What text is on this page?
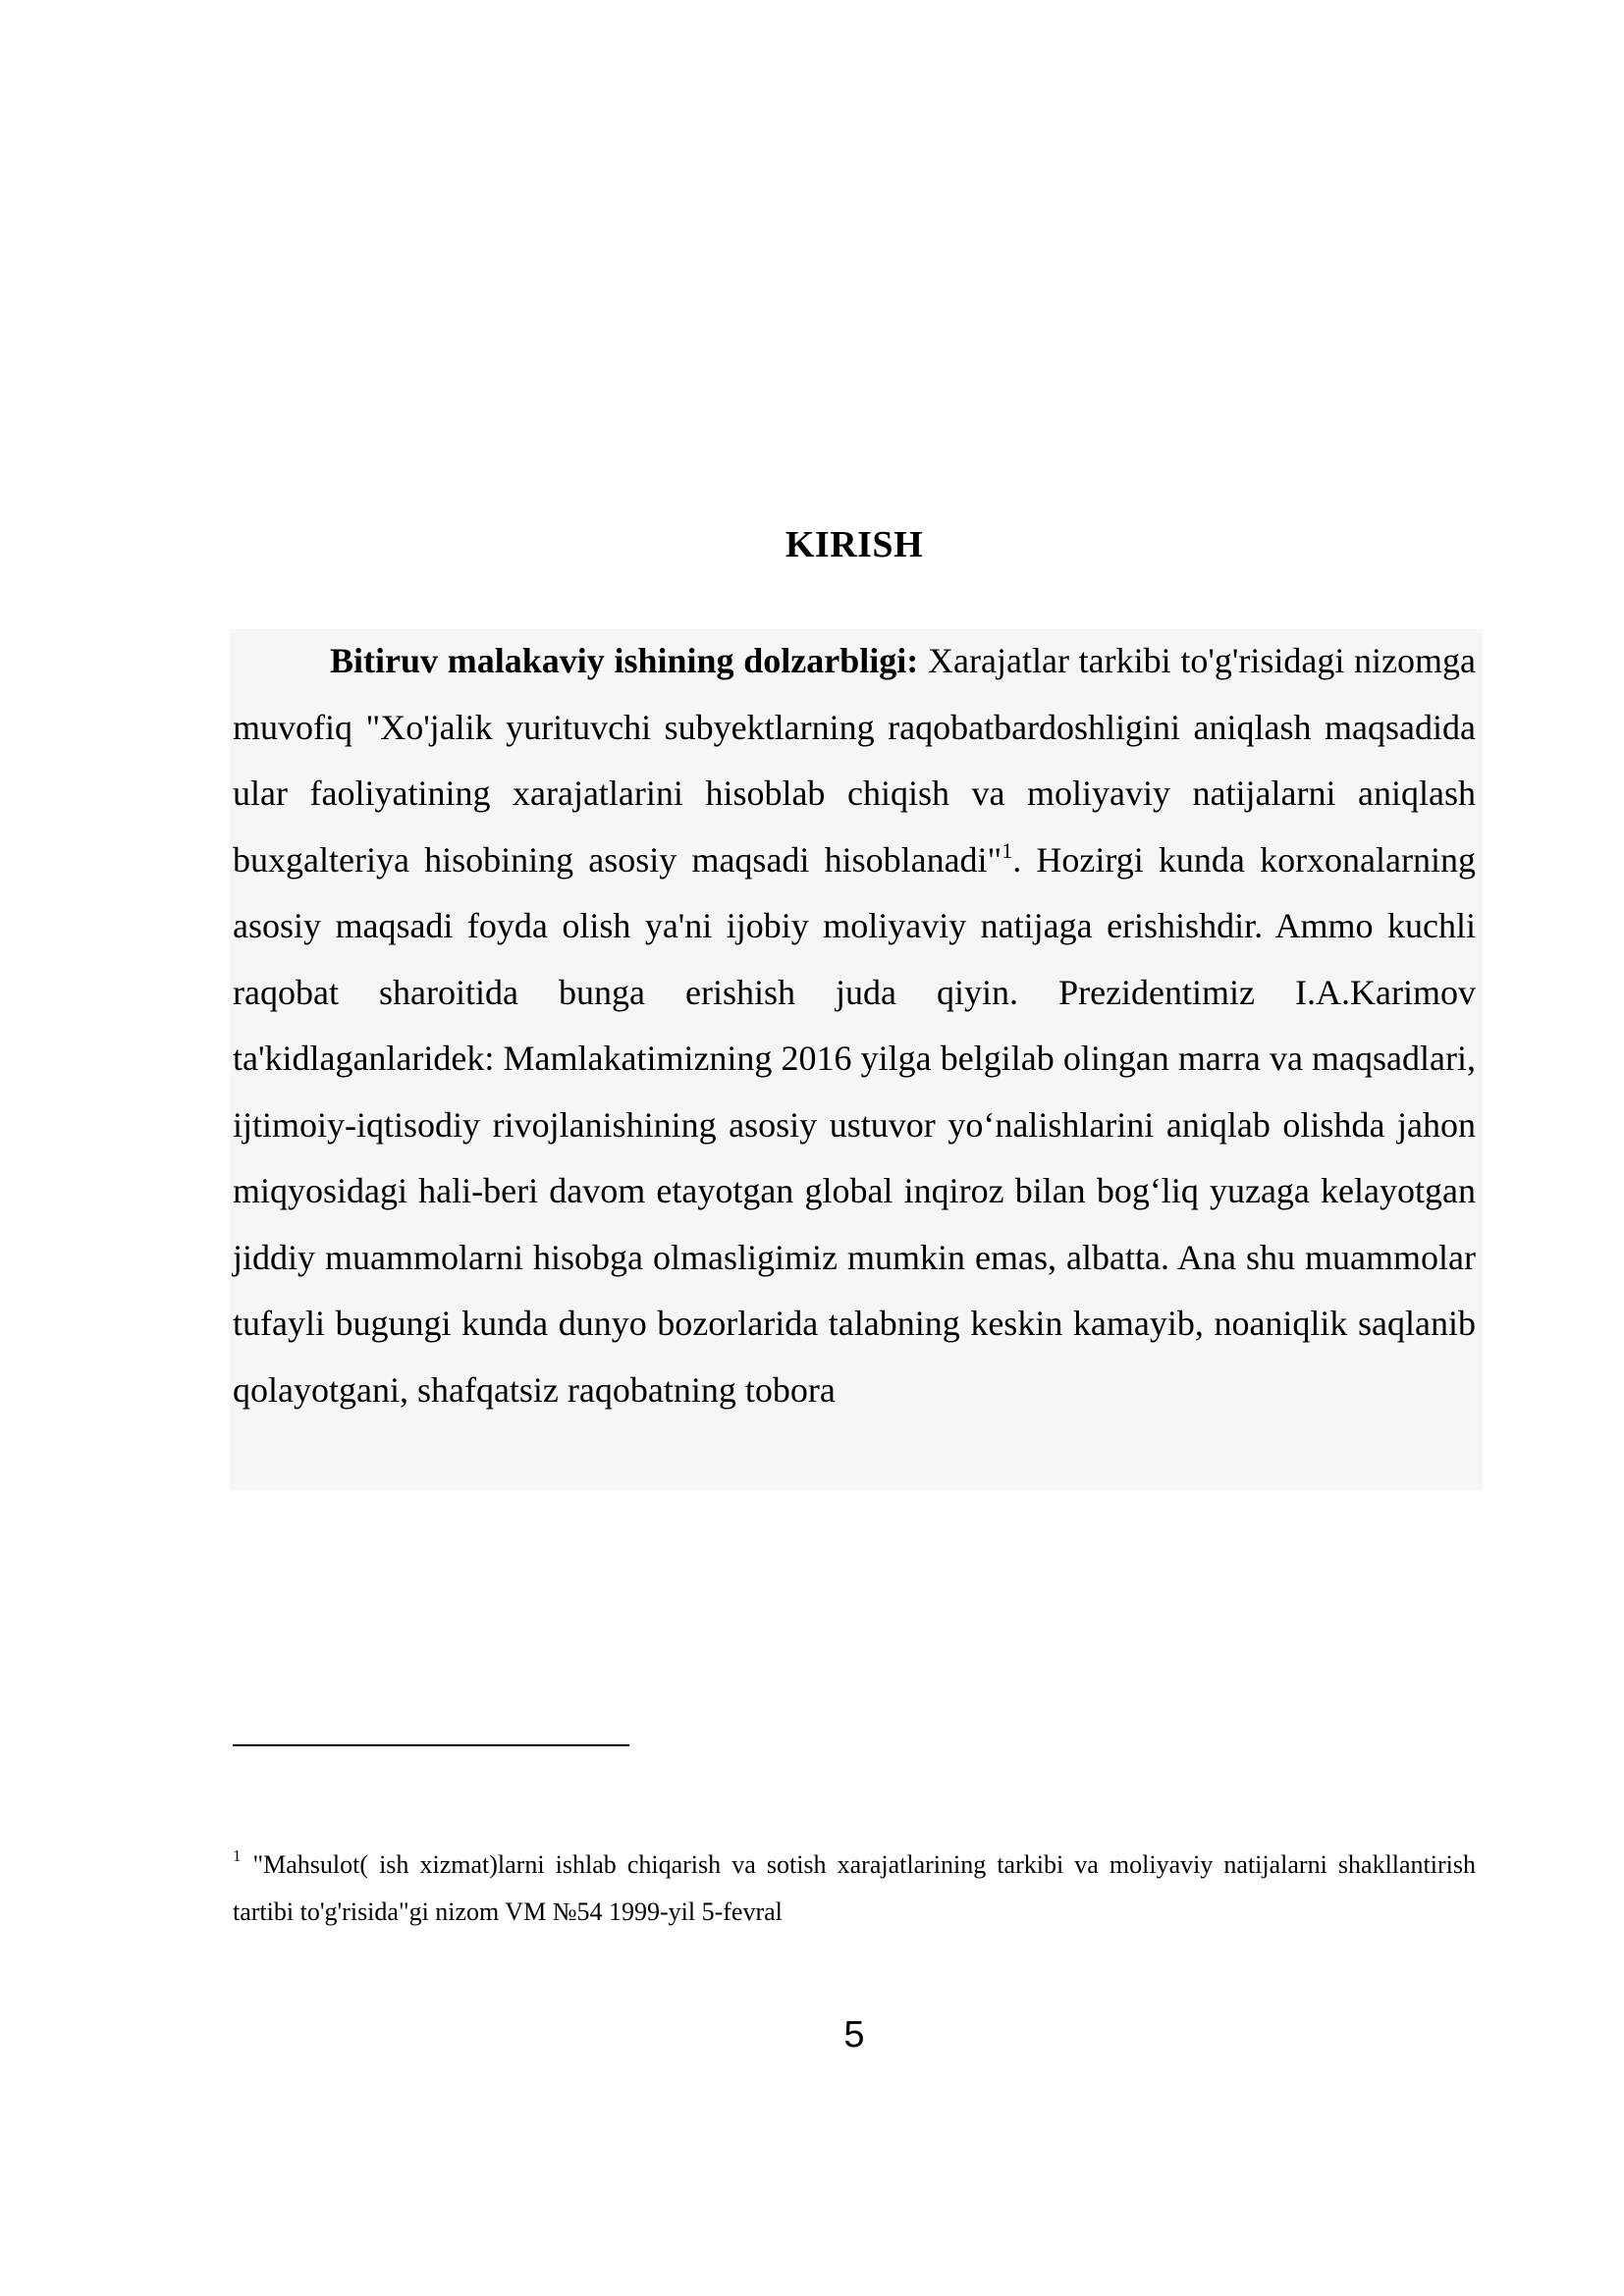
KIRISH

Bitiruv malakaviy ishining dolzarbligi: Xarajatlar tarkibi to'g'risidagi nizomga muvofiq "Xo'jalik yurituvchi subyektlarning raqobatbardoshligini aniqlash maqsadida ular faoliyatining xarajatlarini hisoblab chiqish va moliyaviy natijalarni aniqlash buxgalteriya hisobining asosiy maqsadi hisoblanadi"$^1$. Hozirgi kunda korxonalarning asosiy maqsadi foyda olish ya'ni ijobiy moliyaviy natijaga erishishdir. Ammo kuchli raqobat sharoitida bunga erishish juda qiyin. Prezidentimiz I.A.Karimov ta'kidlaganlaridek: Mamlakatimizning 2016 yilga belgilab olingan marra va maqsadlari, ijtimoiy-iqtisodiy rivojlanishining asosiy ustuvor yo‘nalishlarini aniqlab olishda jahon miqyosidagi hali-beri davom etayotgan global inqiroz bilan bog‘liq yuzaga kelayotgan jiddiy muammolarni hisobga olmasligimiz mumkin emas, albatta. Ana shu muammolar tufayli bugungi kunda dunyo bozorlarida talabning keskin kamayib, noaniqlik saqlanib qolayotgani, shafqatsiz raqobatning tobora

$^1$ "Mahsulot( ish xizmat)larni ishlab chiqarish va sotish xarajatlarining tarkibi va moliyaviy natijalarni shakllantirish tartibi to'g'risida"gi nizom VM №54 1999-yil 5-fevral

5
